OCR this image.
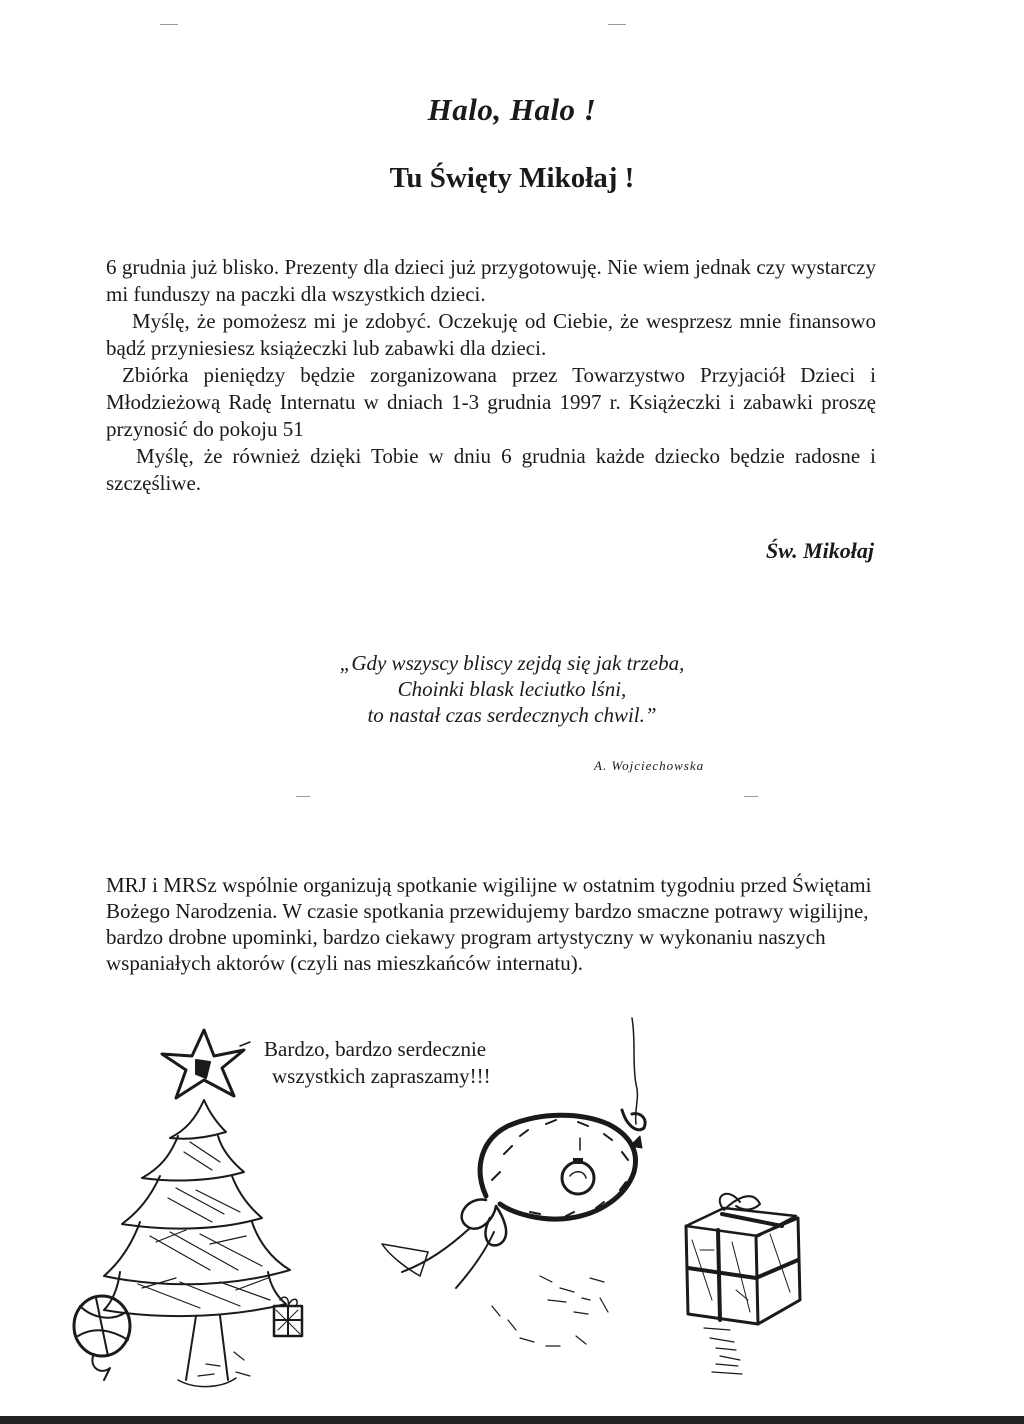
Halo, Halo !
Tu Święty Mikołaj !

6 grudnia już blisko. Prezenty dla dzieci już przygotowuję. Nie wiem jednak czy wystarczy mi funduszy na paczki dla wszystkich dzieci.

Myślę, że pomożesz mi je zdobyć. Oczekuję od Ciebie, że wesprzesz mnie finansowo bądź przyniesiesz książeczki lub zabawki dla dzieci.

Zbiórka pieniędzy będzie zorganizowana przez Towarzystwo Przyjaciół Dzieci i Młodzieżową Radę Internatu w dniach 1-3 grudnia 1997 r. Książeczki i zabawki proszę przynosić do pokoju 51

Myślę, że również dzięki Tobie w dniu 6 grudnia każde dziecko będzie radosne i szczęśliwe.

Św. Mikołaj
„Gdy wszyscy bliscy zejdą się jak trzeba,
Choinki blask leciutko lśni,
to nastał czas serdecznych chwil.”
A. Wojciechowska
MRJ i MRSz wspólnie organizują spotkanie wigilijne w ostatnim tygodniu przed Świętami Bożego Narodzenia. W czasie spotkania przewidujemy bardzo smaczne potrawy wigilijne, bardzo drobne upominki, bardzo ciekawy program artystyczny w wykonaniu naszych wspaniałych aktorów (czyli nas mieszkańców internatu).
Bardzo, bardzo serdecznie
wszystkich zapraszamy!!!
